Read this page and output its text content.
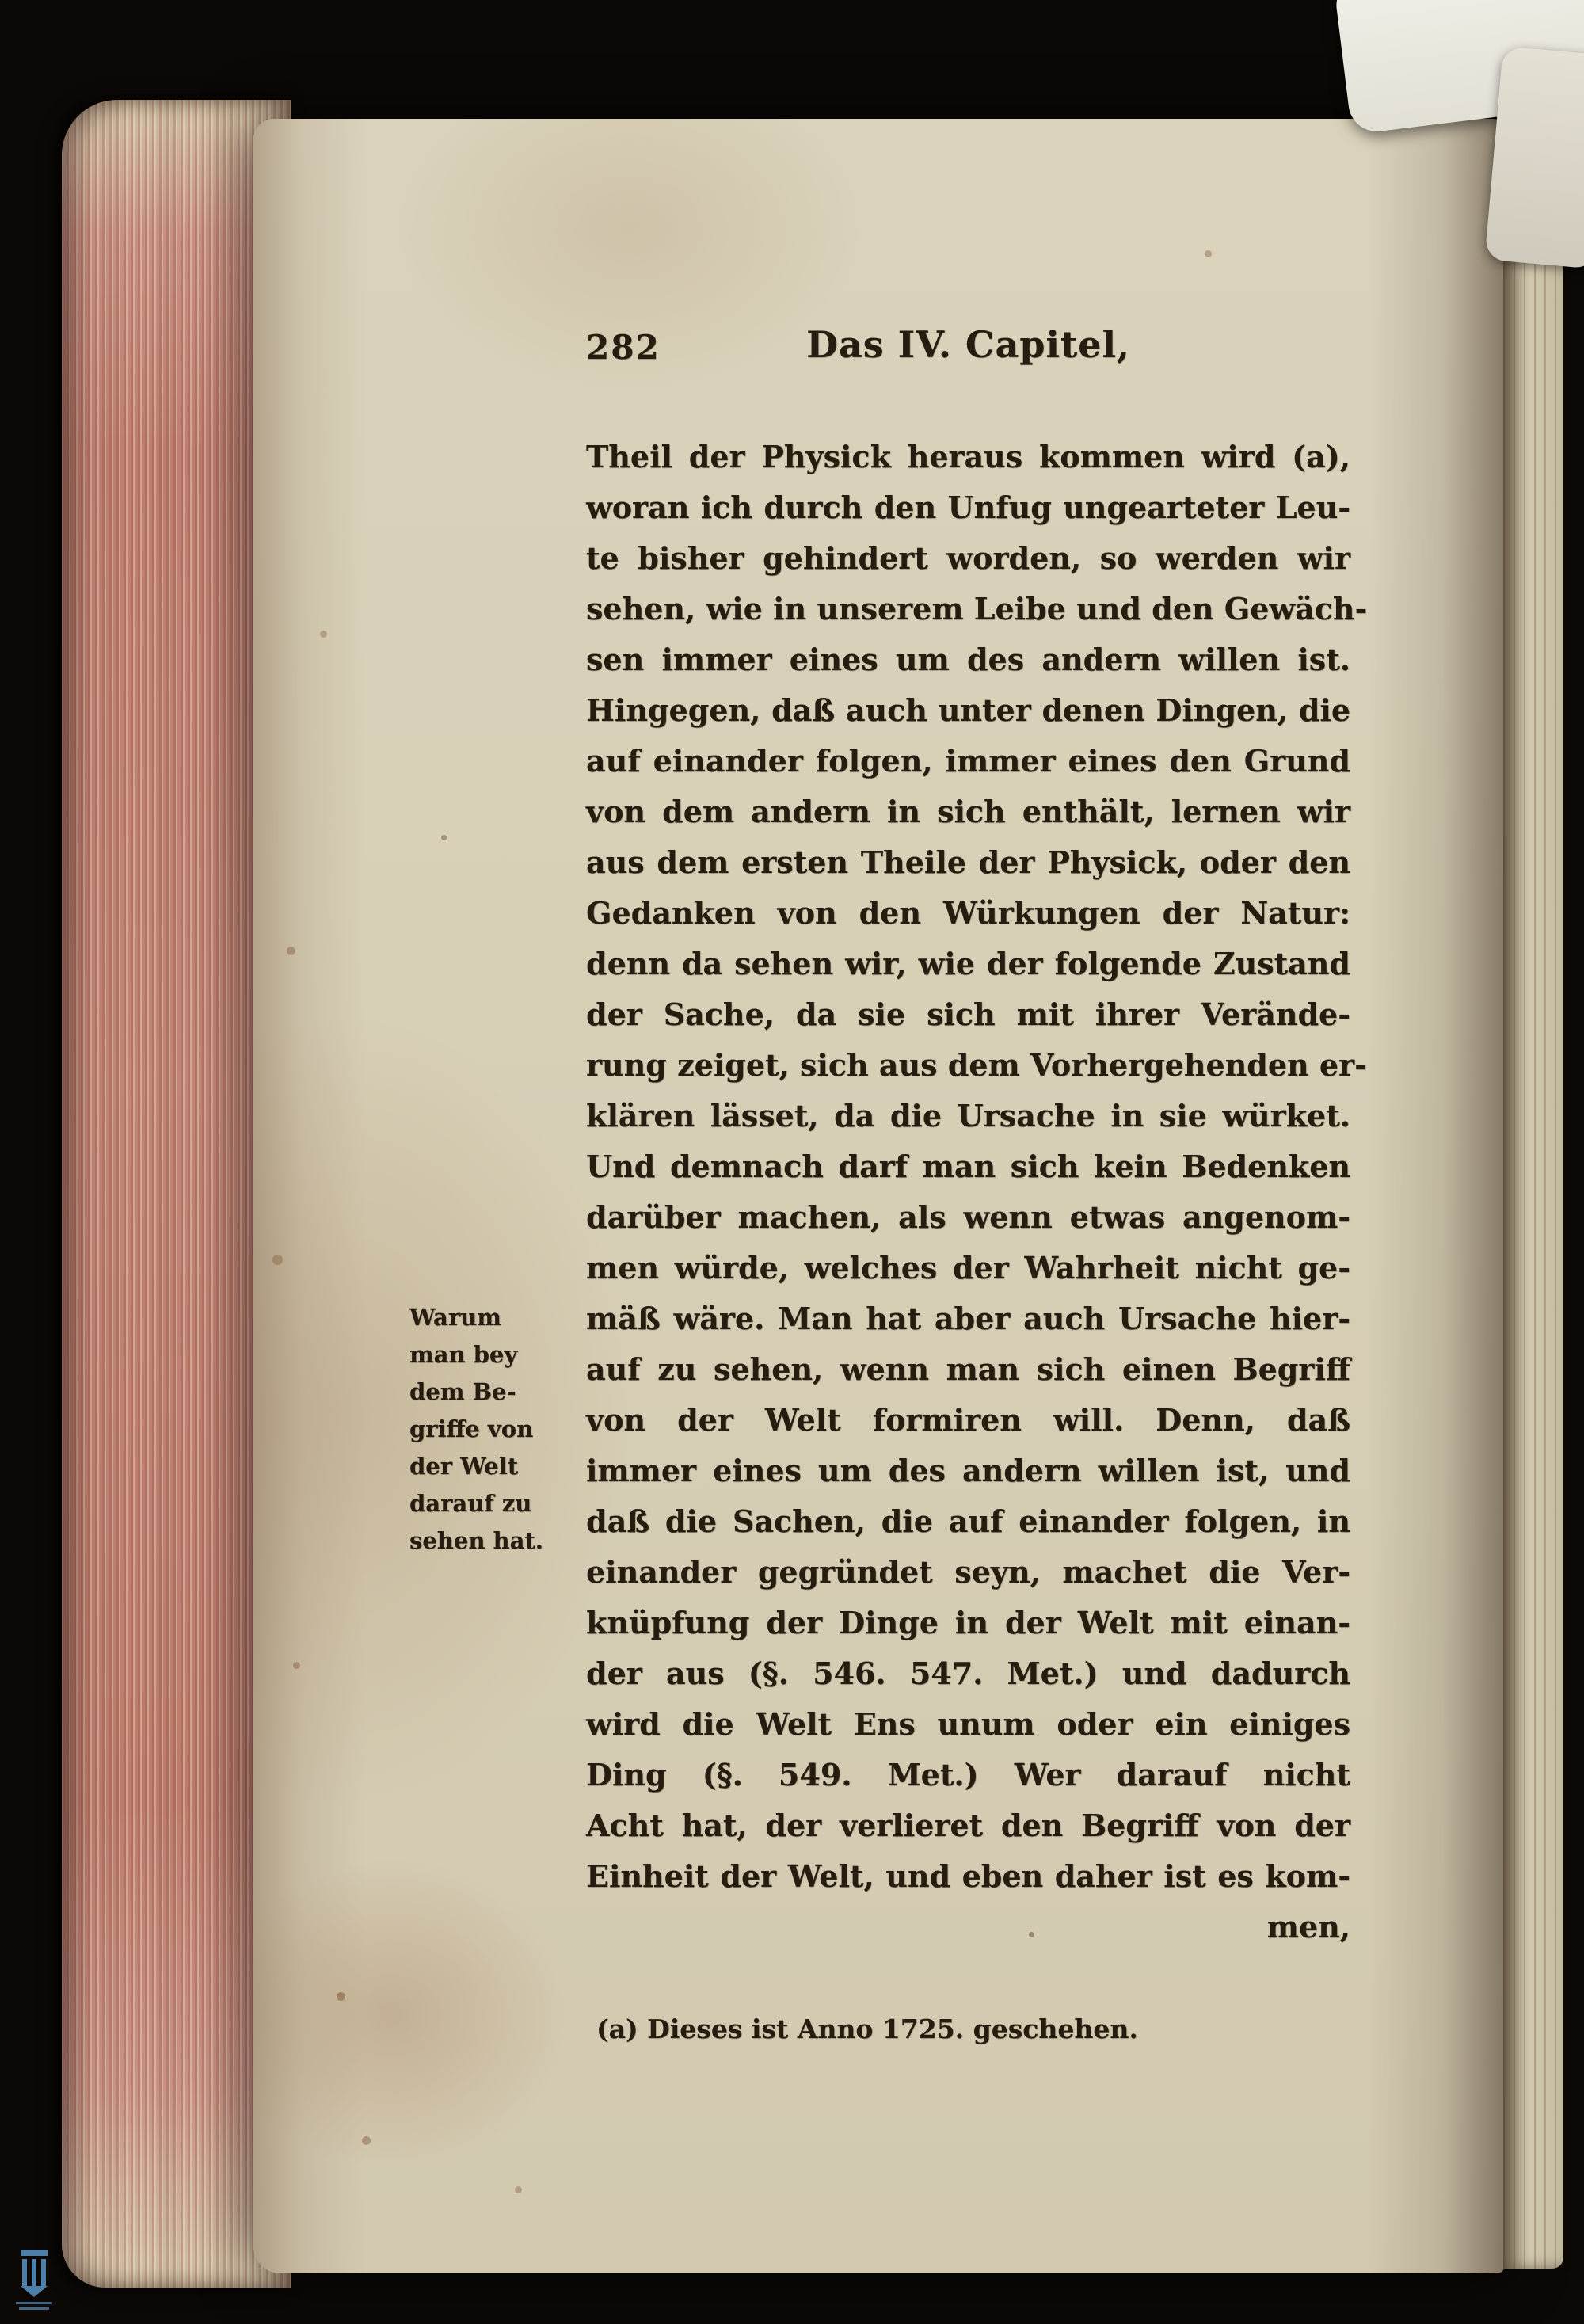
282	Das IV. Capitel,
Warum
man bey
dem Be-
griffe von
der Welt
darauf zu
sehen hat.
Theil der Physick heraus kommen wird (a),
woran ich durch den Unfug ungearteter Leu-
te bisher gehindert worden, so werden wir
sehen, wie in unserem Leibe und den Gewäch-
sen immer eines um des andern willen ist.
Hingegen, daß auch unter denen Dingen, die
auf einander folgen, immer eines den Grund
von dem andern in sich enthält, lernen wir
aus dem ersten Theile der Physick, oder den
Gedanken von den Würkungen der Natur:
denn da sehen wir, wie der folgende Zustand
der Sache, da sie sich mit ihrer Verände-
rung zeiget, sich aus dem Vorhergehenden er-
klären lässet, da die Ursache in sie würket.
Und demnach darf man sich kein Bedenken
darüber machen, als wenn etwas angenom-
men würde, welches der Wahrheit nicht ge-
mäß wäre. Man hat aber auch Ursache hier-
auf zu sehen, wenn man sich einen Begriff
von der Welt formiren will. Denn, daß
immer eines um des andern willen ist, und
daß die Sachen, die auf einander folgen, in
einander gegründet seyn, machet die Ver-
knüpfung der Dinge in der Welt mit einan-
der aus (§. 546. 547. Met.) und dadurch
wird die Welt Ens unum oder ein einiges
Ding (§. 549. Met.) Wer darauf nicht
Acht hat, der verlieret den Begriff von der
Einheit der Welt, und eben daher ist es kom-
men,
(a) Dieses ist Anno 1725. geschehen.
